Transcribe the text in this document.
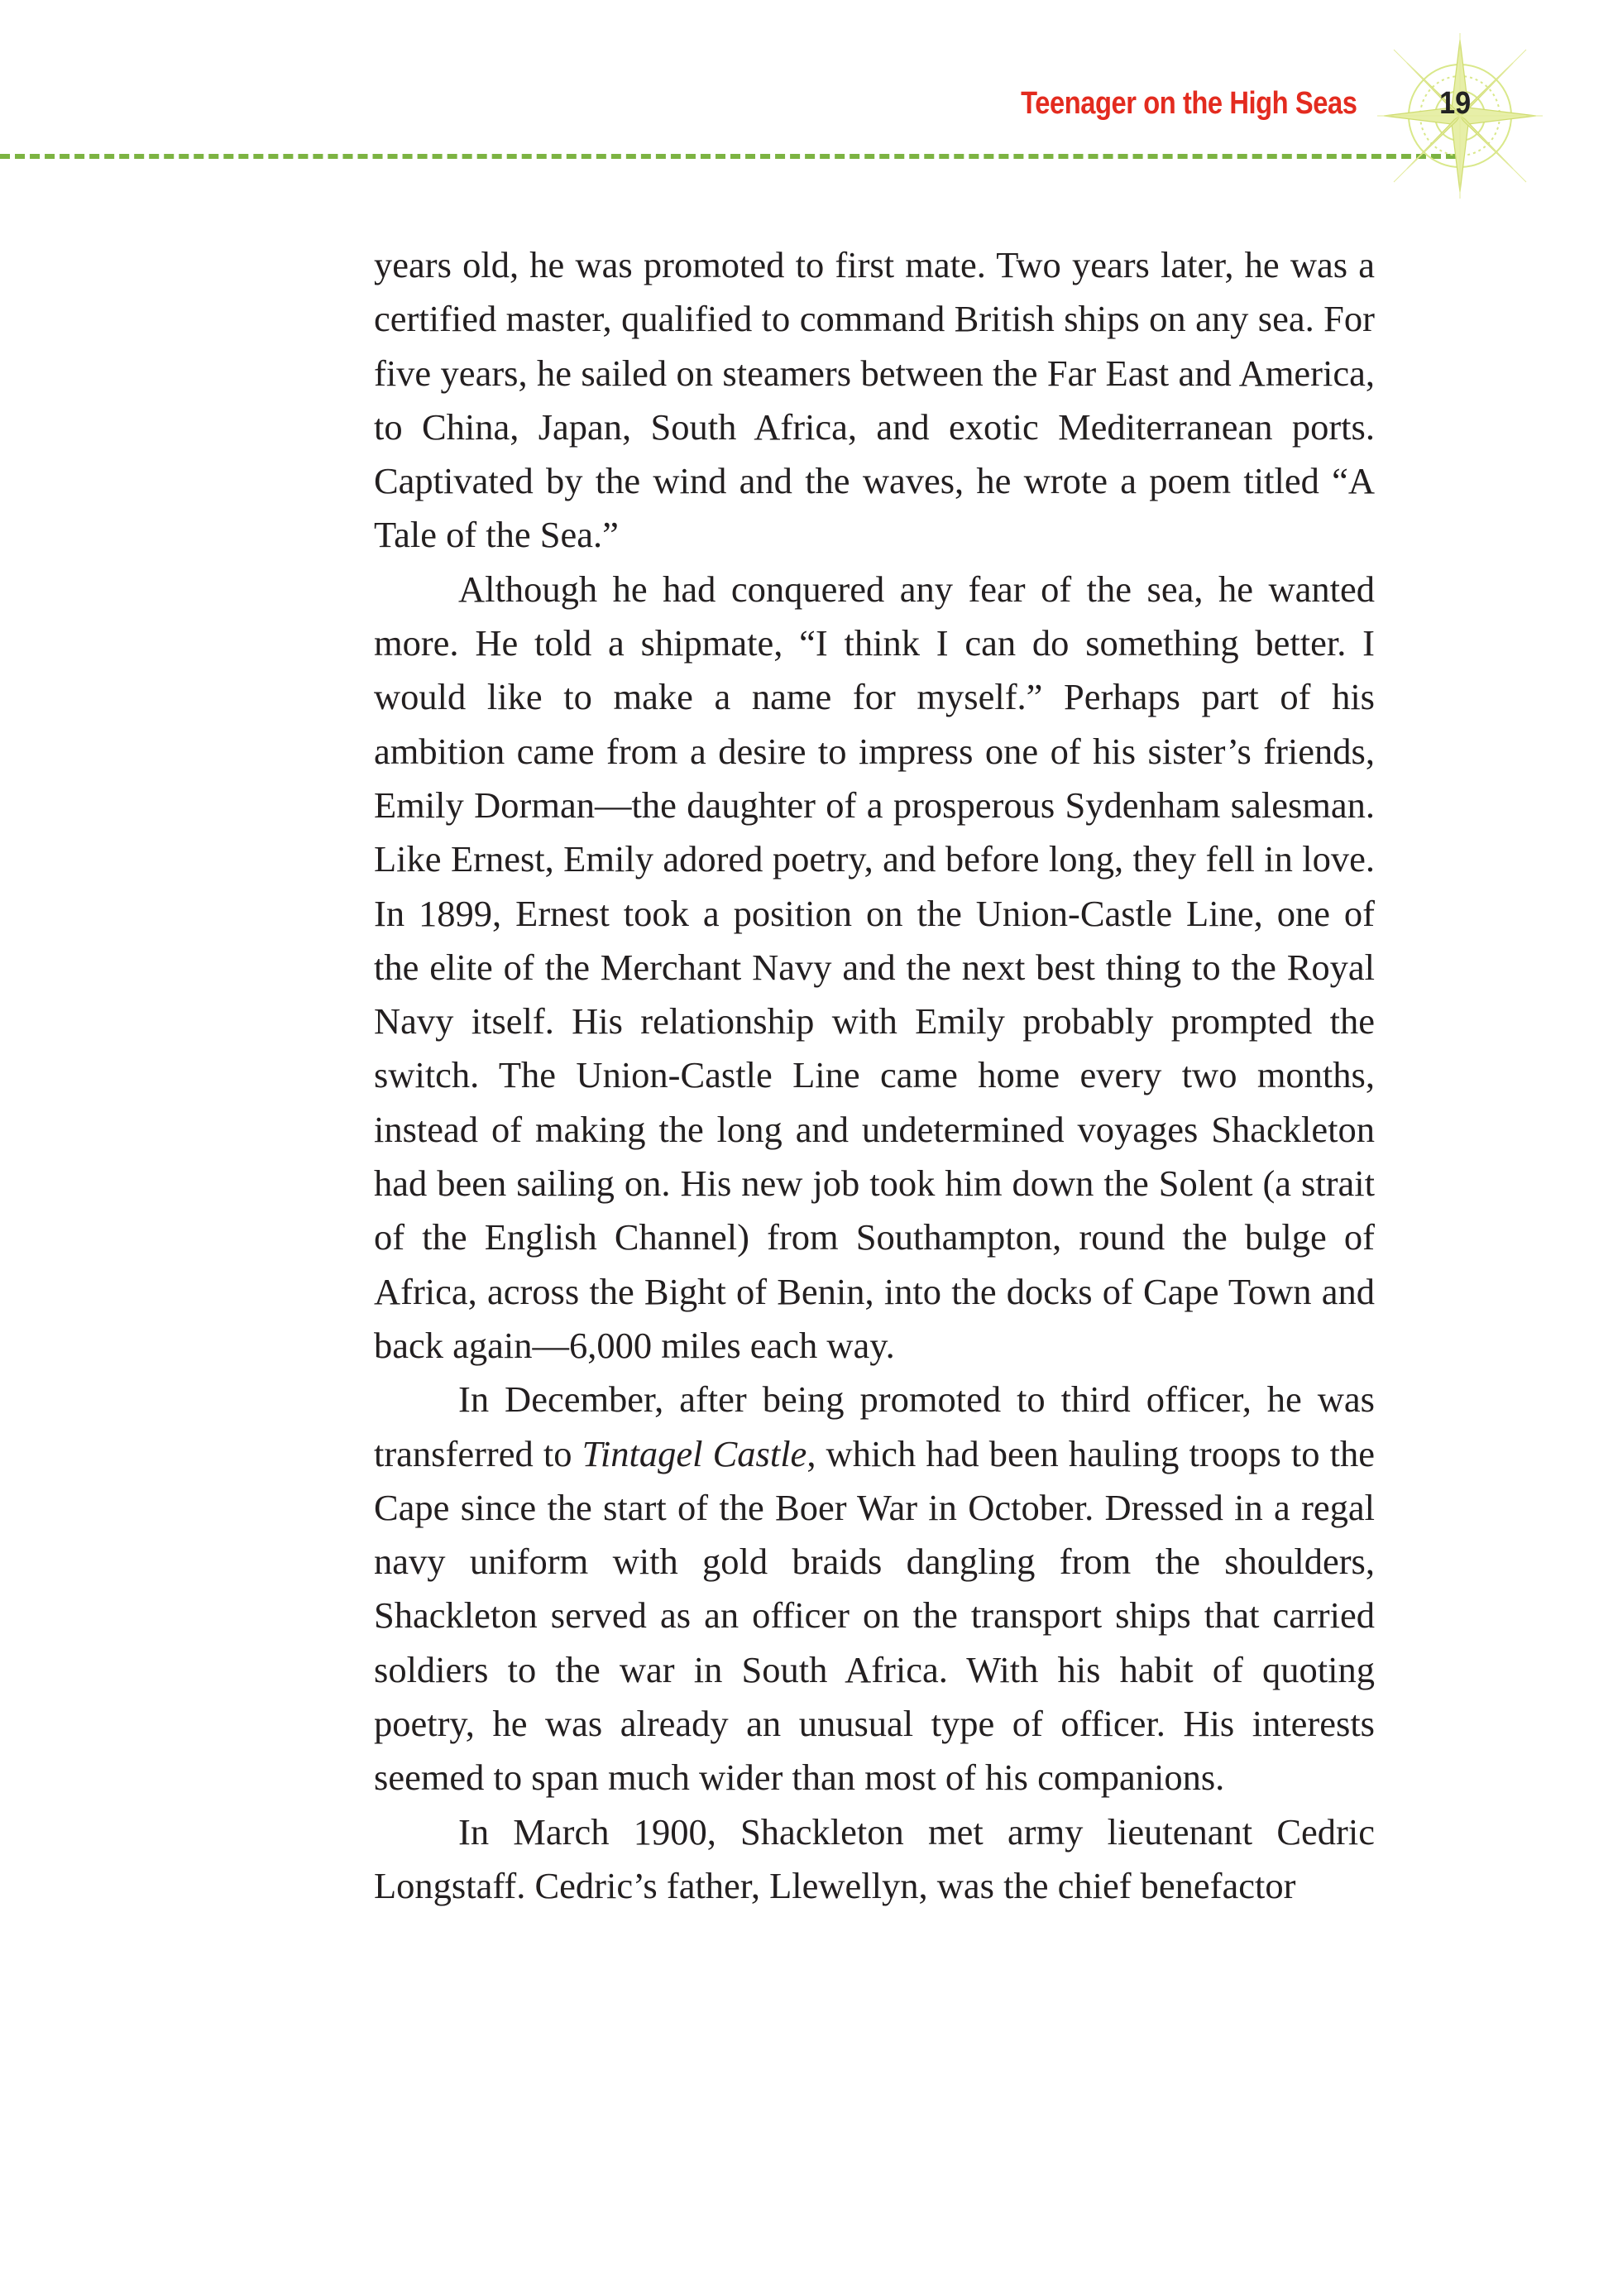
Teenager on the High Seas	19

years old, he was promoted to first mate. Two years later, he was a certified master, qualified to command British ships on any sea. For five years, he sailed on steamers between the Far East and America, to China, Japan, South Africa, and exotic Mediterranean ports. Captivated by the wind and the waves, he wrote a poem titled “A Tale of the Sea.”

Although he had conquered any fear of the sea, he wanted more. He told a shipmate, “I think I can do something better. I would like to make a name for myself.” Perhaps part of his ambition came from a desire to impress one of his sister’s friends, Emily Dorman—the daughter of a prosperous Sydenham salesman. Like Ernest, Emily adored poetry, and before long, they fell in love. In 1899, Ernest took a position on the Union-Castle Line, one of the elite of the Merchant Navy and the next best thing to the Royal Navy itself. His relationship with Emily probably prompted the switch. The Union-Castle Line came home every two months, instead of making the long and undetermined voyages Shackleton had been sailing on. His new job took him down the Solent (a strait of the English Channel) from Southampton, round the bulge of Africa, across the Bight of Benin, into the docks of Cape Town and back again—6,000 miles each way.

In December, after being promoted to third officer, he was transferred to Tintagel Castle, which had been hauling troops to the Cape since the start of the Boer War in October. Dressed in a regal navy uniform with gold braids dangling from the shoulders, Shackleton served as an officer on the transport ships that carried soldiers to the war in South Africa. With his habit of quoting poetry, he was already an unusual type of officer. His interests seemed to span much wider than most of his companions.

In March 1900, Shackleton met army lieutenant Cedric Longstaff. Cedric’s father, Llewellyn, was the chief benefactor
